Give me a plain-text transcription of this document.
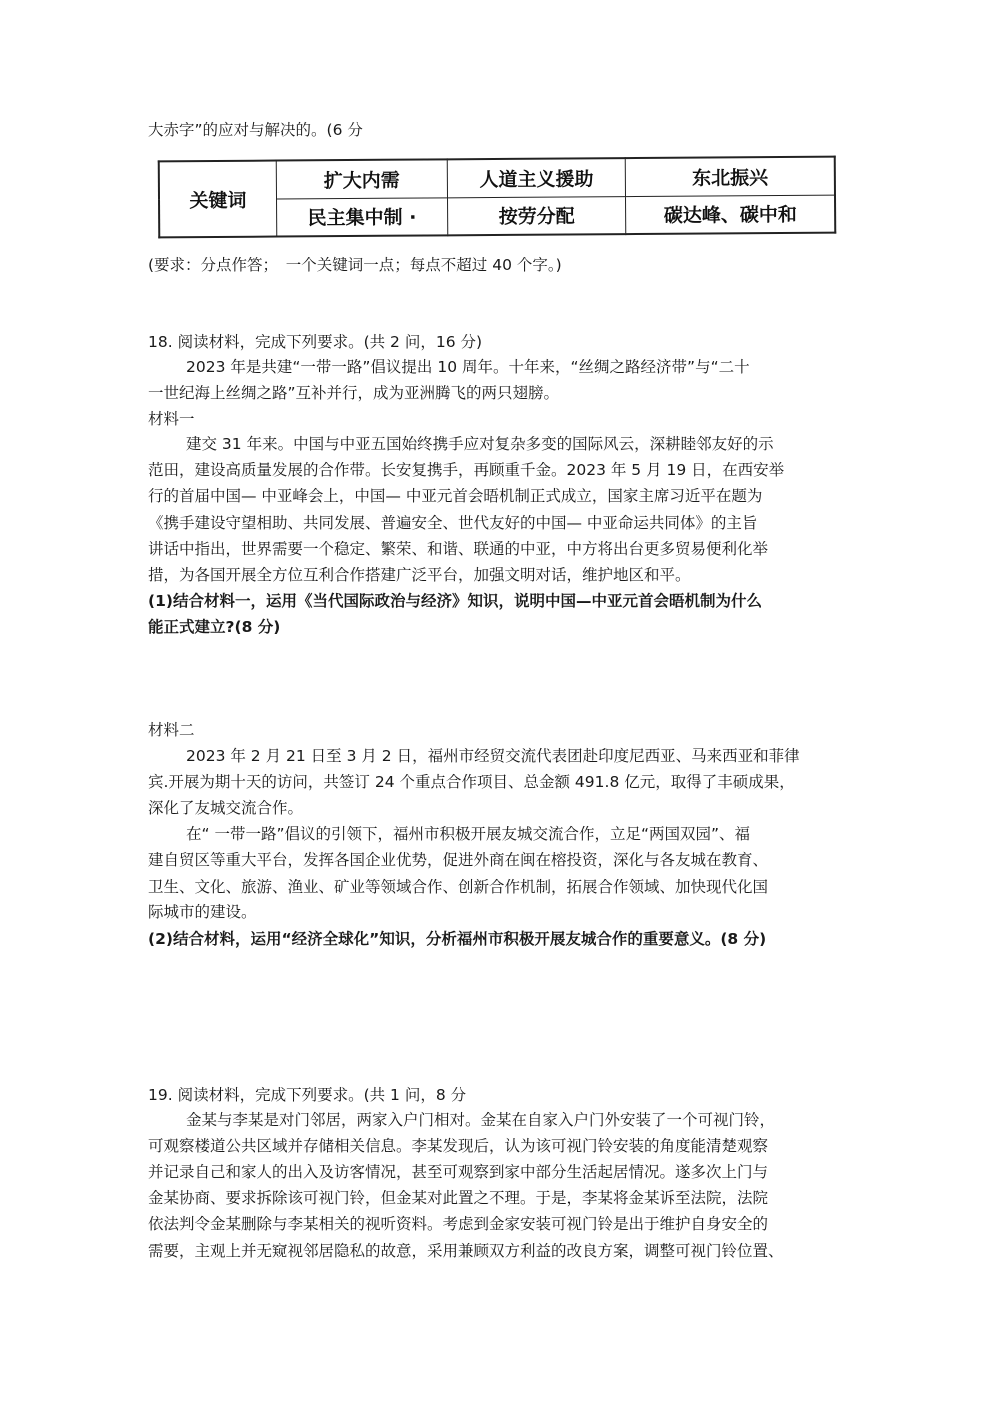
大赤字”的应对与解决的。(6 分
关键词	扩大内需	人道主义援助	东北振兴
	民主集中制 ·	按劳分配	碳达峰、碳中和
(要求：分点作答；　一个关键词一点；每点不超过 40 个字。)
18. 阅读材料，完成下列要求。(共 2 问，16 分)
2023 年是共建“一带一路”倡议提出 10 周年。十年来，“丝绸之路经济带”与“二十
一世纪海上丝绸之路”互补并行，成为亚洲腾飞的两只翅膀。
材料一
建交 31 年来。中国与中亚五国始终携手应对复杂多变的国际风云，深耕睦邻友好的示
范田，建设高质量发展的合作带。长安复携手，再顾重千金。2023 年 5 月 19 日，在西安举
行的首届中国— 中亚峰会上，中国— 中亚元首会晤机制正式成立，国家主席习近平在题为
《携手建设守望相助、共同发展、普遍安全、世代友好的中国— 中亚命运共同体》的主旨
讲话中指出，世界需要一个稳定、繁荣、和谐、联通的中亚，中方将出台更多贸易便利化举
措，为各国开展全方位互利合作搭建广泛平台，加强文明对话，维护地区和平。
(1)结合材料一，运用《当代国际政治与经济》知识，说明中国—中亚元首会晤机制为什么
能正式建立?(8 分)
材料二
2023 年 2 月 21 日至 3 月 2 日，福州市经贸交流代表团赴印度尼西亚、马来西亚和菲律
宾.开展为期十天的访问，共签订 24 个重点合作项目、总金额 491.8 亿元，取得了丰硕成果，
深化了友城交流合作。
在“ 一带一路”倡议的引领下，福州市积极开展友城交流合作，立足“两国双园”、福
建自贸区等重大平台，发挥各国企业优势，促进外商在闽在榕投资，深化与各友城在教育、
卫生、文化、旅游、渔业、矿业等领域合作、创新合作机制，拓展合作领域、加快现代化国
际城市的建设。
(2)结合材料，运用“经济全球化”知识，分析福州市积极开展友城合作的重要意义。(8 分)
19. 阅读材料，完成下列要求。(共 1 问，8 分
金某与李某是对门邻居，两家入户门相对。金某在自家入户门外安装了一个可视门铃，
可观察楼道公共区域并存储相关信息。李某发现后，认为该可视门铃安装的角度能清楚观察
并记录自己和家人的出入及访客情况，甚至可观察到家中部分生活起居情况。遂多次上门与
金某协商、要求拆除该可视门铃，但金某对此置之不理。于是，李某将金某诉至法院，法院
依法判令金某删除与李某相关的视听资料。考虑到金家安装可视门铃是出于维护自身安全的
需要，主观上并无窥视邻居隐私的故意，采用兼顾双方利益的改良方案，调整可视门铃位置、
